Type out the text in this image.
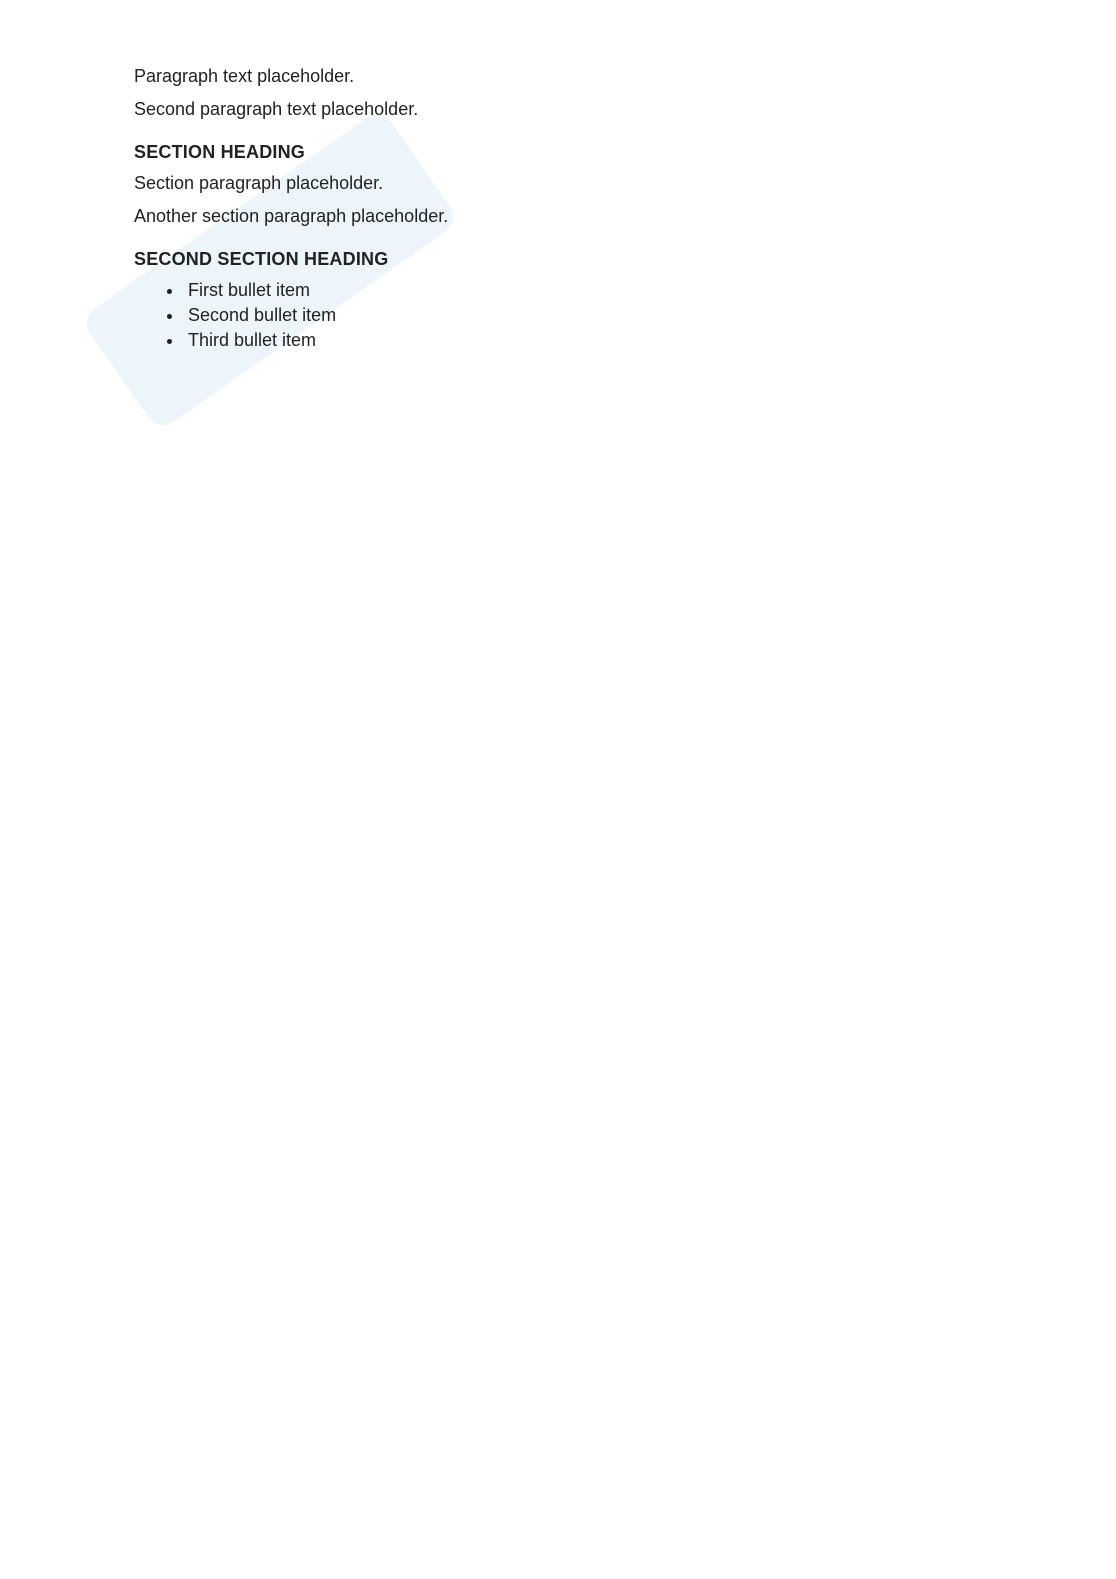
Paragraph text placeholder.

Second paragraph text placeholder.

SECTION HEADING

Section paragraph placeholder.

Another section paragraph placeholder.

SECOND SECTION HEADING
• First bullet item
• Second bullet item
• Third bullet item
